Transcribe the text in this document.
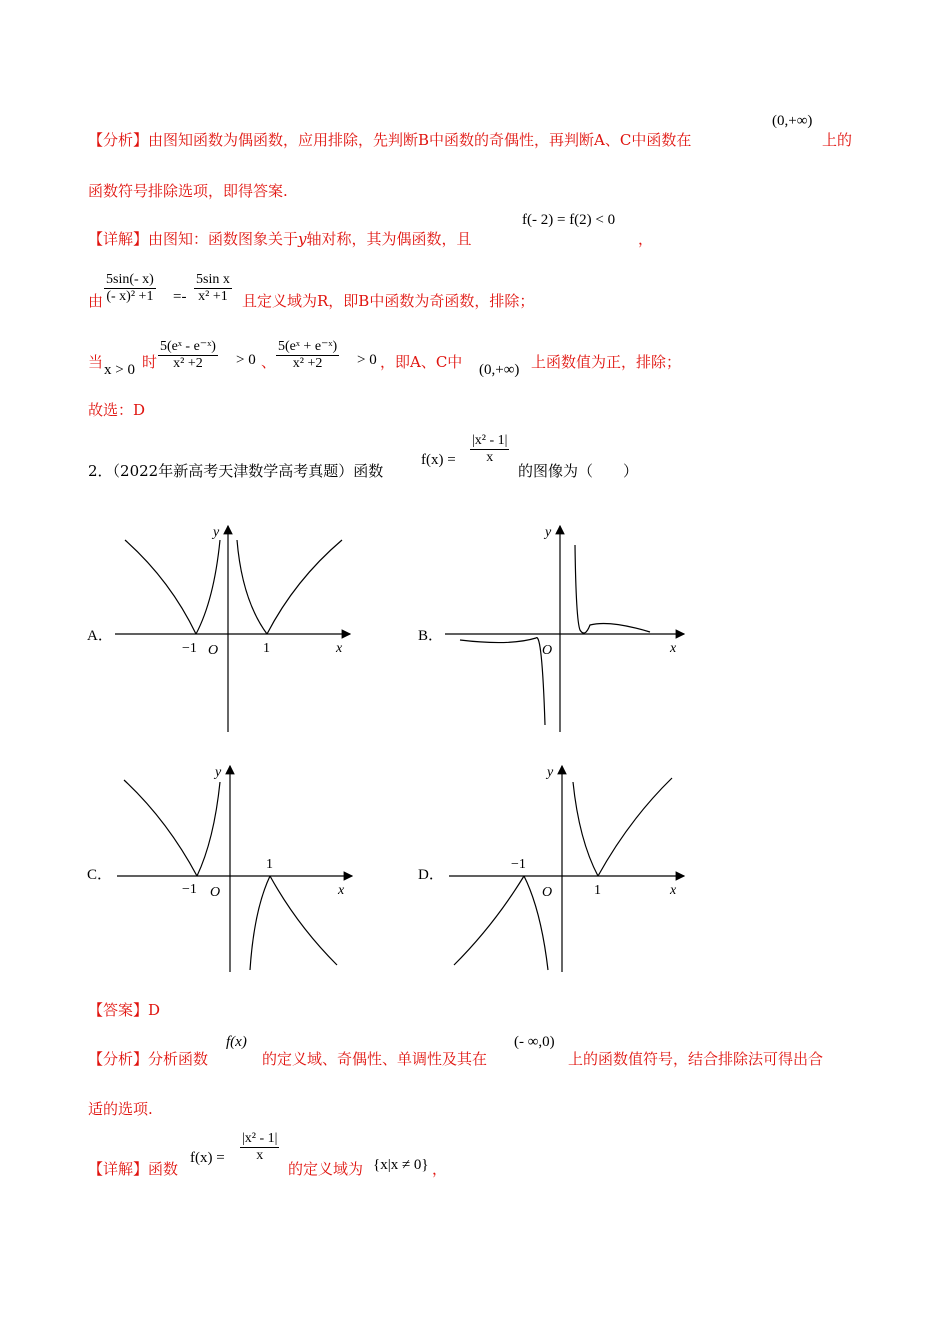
【分析】由图知函数为偶函数，应用排除，先判断B中函数的奇偶性，再判断A、C中函数在
(0,+∞)
上的
函数符号排除选项，即得答案.
【详解】由图知：函数图象关于y轴对称，其为偶函数，且
f(- 2) = f(2) < 0
，
由 $\frac{5\sin(- x)}{\text{(- x)² +1}} =- \frac{\text{5sin x}}{\text{x² +1}}$ 且定义域为R，即B中函数为奇函数，排除；
当 x > 0 时 $\frac{\text{5(eˣ - e⁻ˣ)}}{\text{x² +2}} > 0$ 、 $\frac{\text{5(eˣ + e⁻ˣ)}}{\text{x² +2}} > 0$ ，即A、C中 (0,+∞) 上函数值为正，排除；
故选：D
2．（2022年新高考天津数学高考真题）函数
$f(x) = \frac{\text{|x² - 1|}}{x}$
的图像为（　　）
A．
−1 O	1	x
y
B．
O	x
y
C．
−1 O
1
x
y
D．
−1
O	1	x
y
【答案】D
【分析】分析函数
f(x)
的定义域、奇偶性、单调性及其在
(- ∞,0)
上的函数值符号，结合排除法可得出合
适的选项.
【详解】函数
$f(x) = \frac{\text{|x² - 1|}}{x}$
的定义域为 {x|x ≠ 0} ，
